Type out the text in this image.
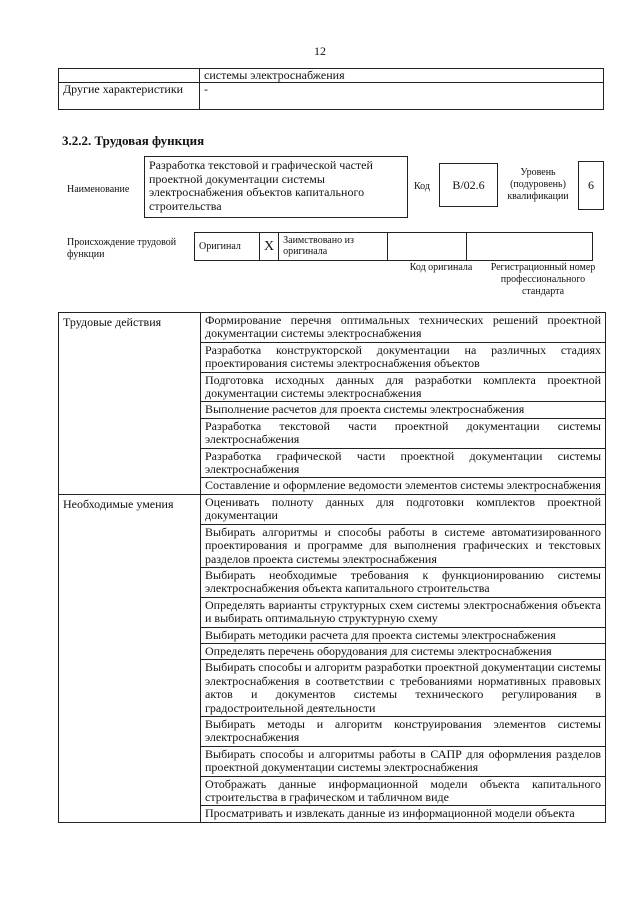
12
	системы электроснабжения
Другие характеристики	-
3.2.2. Трудовая функция
Наименование
Разработка текстовой и графической частей проектной документации системы электроснабжения объектов капитального строительства
Код	В/02.6
Уровень (подуровень) квалификации
6
Происхождение трудовой функции
Оригинал	X	Заимствовано из оригинала		
Код оригинала	Регистрационный номер профессионального стандарта
Трудовые действия	Формирование перечня оптимальных технических решений проектной документации системы электроснабжения
	Разработка конструкторской документации на различных стадиях проектирования системы электроснабжения объектов
	Подготовка исходных данных для разработки комплекта проектной документации системы электроснабжения
	Выполнение расчетов для проекта системы электроснабжения
	Разработка текстовой части проектной документации системы электроснабжения
	Разработка графической части проектной документации системы электроснабжения
	Составление и оформление ведомости элементов системы электроснабжения
Необходимые умения	Оценивать полноту данных для подготовки комплектов проектной документации
	Выбирать алгоритмы и способы работы в системе автоматизированного проектирования и программе для выполнения графических и текстовых разделов проекта системы электроснабжения
	Выбирать необходимые требования к функционированию системы электроснабжения объекта капитального строительства
	Определять варианты структурных схем системы электроснабжения объекта и выбирать оптимальную структурную схему
	Выбирать методики расчета для проекта системы электроснабжения
	Определять перечень оборудования для системы электроснабжения
	Выбирать способы и алгоритм разработки проектной документации системы электроснабжения в соответствии с требованиями нормативных правовых актов и документов системы технического регулирования в градостроительной деятельности
	Выбирать методы и алгоритм конструирования элементов системы электроснабжения
	Выбирать способы и алгоритмы работы в САПР для оформления разделов проектной документации системы электроснабжения
	Отображать данные информационной модели объекта капитального строительства в графическом и табличном виде
	Просматривать и извлекать данные из информационной модели объекта
